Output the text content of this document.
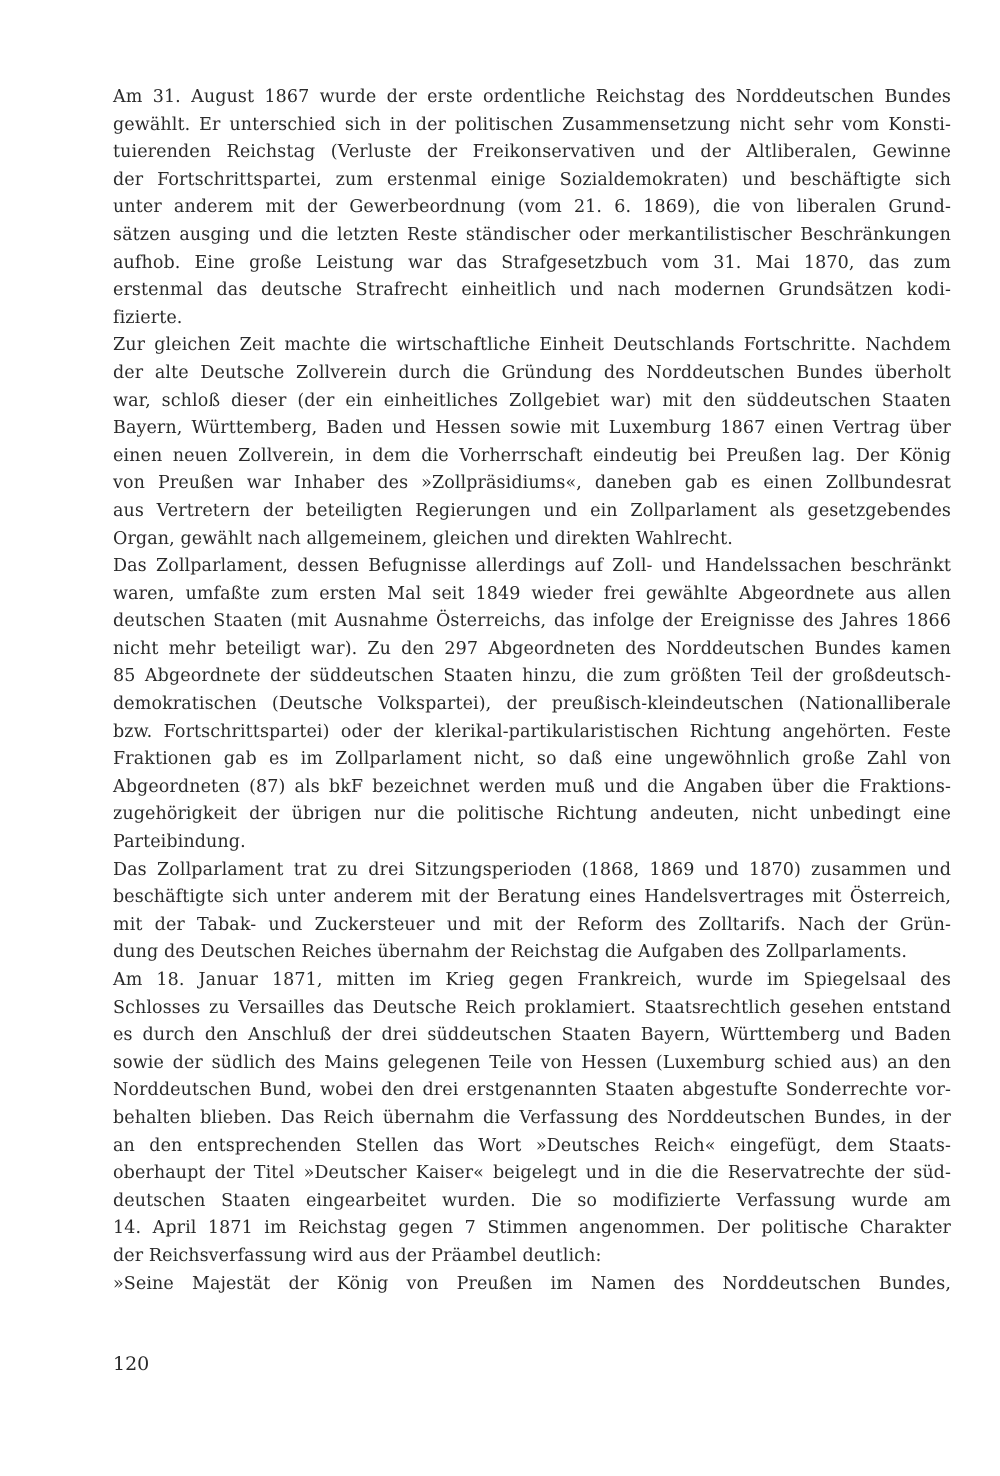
Am 31. August 1867 wurde der erste ordentliche Reichstag des Norddeutschen Bundes
gewählt. Er unterschied sich in der politischen Zusammensetzung nicht sehr vom Konsti-
tuierenden Reichstag (Verluste der Freikonservativen und der Altliberalen, Gewinne
der Fortschrittspartei, zum erstenmal einige Sozialdemokraten) und beschäftigte sich
unter anderem mit der Gewerbeordnung (vom 21. 6. 1869), die von liberalen Grund-
sätzen ausging und die letzten Reste ständischer oder merkantilistischer Beschränkungen
aufhob. Eine große Leistung war das Strafgesetzbuch vom 31. Mai 1870, das zum
erstenmal das deutsche Strafrecht einheitlich und nach modernen Grundsätzen kodi-
fizierte.
Zur gleichen Zeit machte die wirtschaftliche Einheit Deutschlands Fortschritte. Nachdem
der alte Deutsche Zollverein durch die Gründung des Norddeutschen Bundes überholt
war, schloß dieser (der ein einheitliches Zollgebiet war) mit den süddeutschen Staaten
Bayern, Württemberg, Baden und Hessen sowie mit Luxemburg 1867 einen Vertrag über
einen neuen Zollverein, in dem die Vorherrschaft eindeutig bei Preußen lag. Der König
von Preußen war Inhaber des »Zollpräsidiums«, daneben gab es einen Zollbundesrat
aus Vertretern der beteiligten Regierungen und ein Zollparlament als gesetzgebendes
Organ, gewählt nach allgemeinem, gleichen und direkten Wahlrecht.
Das Zollparlament, dessen Befugnisse allerdings auf Zoll- und Handelssachen beschränkt
waren, umfaßte zum ersten Mal seit 1849 wieder frei gewählte Abgeordnete aus allen
deutschen Staaten (mit Ausnahme Österreichs, das infolge der Ereignisse des Jahres 1866
nicht mehr beteiligt war). Zu den 297 Abgeordneten des Norddeutschen Bundes kamen
85 Abgeordnete der süddeutschen Staaten hinzu, die zum größten Teil der großdeutsch-
demokratischen (Deutsche Volkspartei), der preußisch-kleindeutschen (Nationalliberale
bzw. Fortschrittspartei) oder der klerikal-partikularistischen Richtung angehörten. Feste
Fraktionen gab es im Zollparlament nicht, so daß eine ungewöhnlich große Zahl von
Abgeordneten (87) als bkF bezeichnet werden muß und die Angaben über die Fraktions-
zugehörigkeit der übrigen nur die politische Richtung andeuten, nicht unbedingt eine
Parteibindung.
Das Zollparlament trat zu drei Sitzungsperioden (1868, 1869 und 1870) zusammen und
beschäftigte sich unter anderem mit der Beratung eines Handelsvertrages mit Österreich,
mit der Tabak- und Zuckersteuer und mit der Reform des Zolltarifs. Nach der Grün-
dung des Deutschen Reiches übernahm der Reichstag die Aufgaben des Zollparlaments.
Am 18. Januar 1871, mitten im Krieg gegen Frankreich, wurde im Spiegelsaal des
Schlosses zu Versailles das Deutsche Reich proklamiert. Staatsrechtlich gesehen entstand
es durch den Anschluß der drei süddeutschen Staaten Bayern, Württemberg und Baden
sowie der südlich des Mains gelegenen Teile von Hessen (Luxemburg schied aus) an den
Norddeutschen Bund, wobei den drei erstgenannten Staaten abgestufte Sonderrechte vor-
behalten blieben. Das Reich übernahm die Verfassung des Norddeutschen Bundes, in der
an den entsprechenden Stellen das Wort »Deutsches Reich« eingefügt, dem Staats-
oberhaupt der Titel »Deutscher Kaiser« beigelegt und in die die Reservatrechte der süd-
deutschen Staaten eingearbeitet wurden. Die so modifizierte Verfassung wurde am
14. April 1871 im Reichstag gegen 7 Stimmen angenommen. Der politische Charakter
der Reichsverfassung wird aus der Präambel deutlich:
»Seine Majestät der König von Preußen im Namen des Norddeutschen Bundes,
120
